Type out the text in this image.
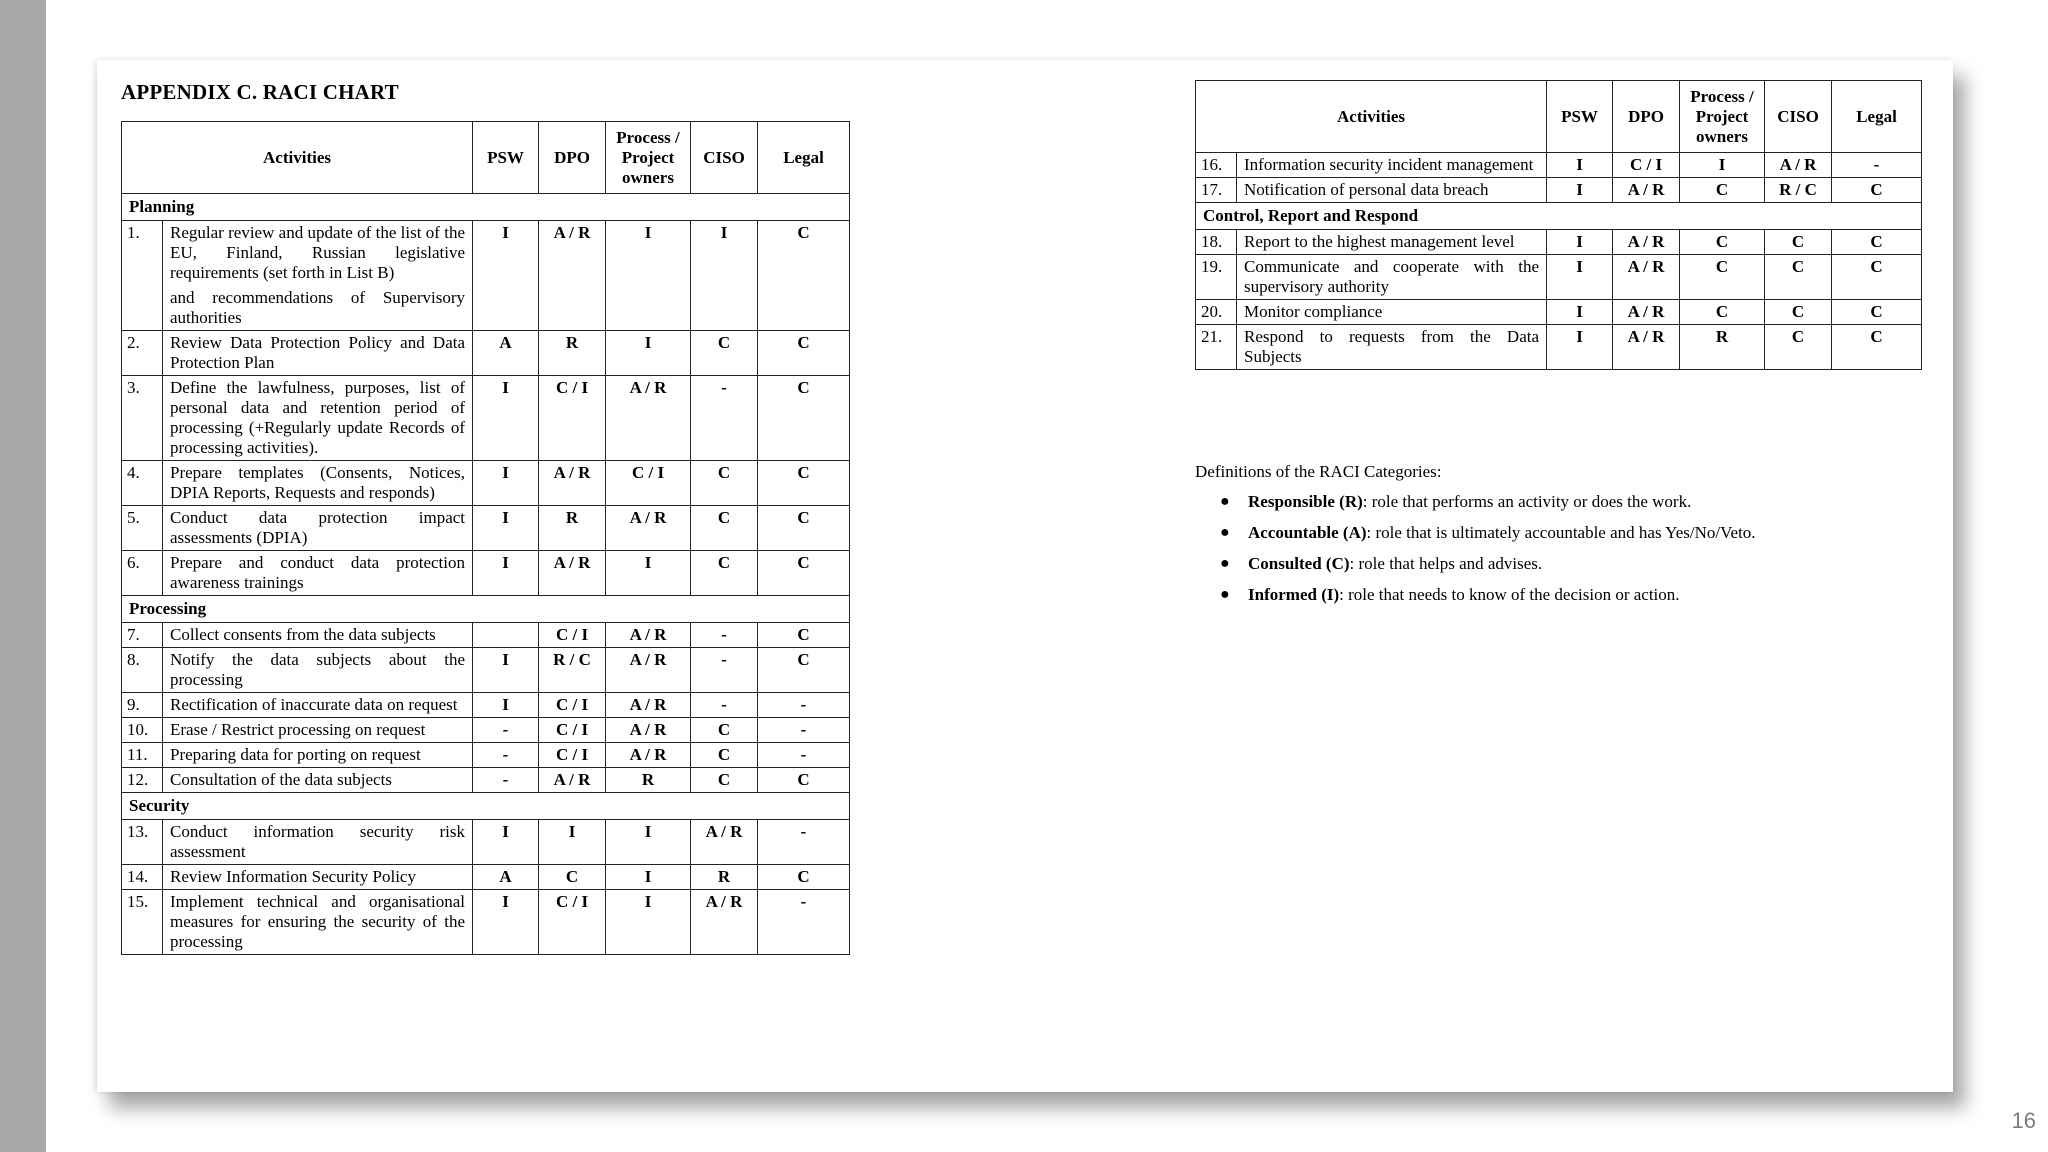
APPENDIX C. RACI CHART
Activities		PSW	DPO	Process / Project owners	CISO	Legal
Planning						
1.	Regular review and update of the list of the EU, Finland, Russian legislative requirements (set forth in List B)
and recommendations of Supervisory authorities	I	A / R	I	I	C
2.	Review Data Protection Policy and Data Protection Plan	A	R	I	C	C
3.	Define the lawfulness, purposes, list of personal data and retention period of processing (+Regularly update Records of processing activities).	I	C / I	A / R	-	C
4.	Prepare templates (Consents, Notices, DPIA Reports, Requests and responds)	I	A / R	C / I	C	C
5.	Conduct data protection impact assessments (DPIA)	I	R	A / R	C	C
6.	Prepare and conduct data protection awareness trainings	I	A / R	I	C	C
Processing						
7.	Collect consents from the data subjects		C / I	A / R	-	C
8.	Notify the data subjects about the processing	I	R / C	A / R	-	C
9.	Rectification of inaccurate data on request	I	C / I	A / R	-	-
10.	Erase / Restrict processing on request	-	C / I	A / R	C	-
11.	Preparing data for porting on request	-	C / I	A / R	C	-
12.	Consultation of the data subjects	-	A / R	R	C	C
Security						
13.	Conduct information security risk assessment	I	I	I	A / R	-
14.	Review Information Security Policy	A	C	I	R	C
15.	Implement technical and organisational measures for ensuring the security of the processing	I	C / I	I	A / R	-
Activities		PSW	DPO	Process / Project owners	CISO	Legal
16.	Information security incident management	I	C / I	I	A / R	-
17.	Notification of personal data breach	I	A / R	C	R / C	C
Control, Report and Respond						
18.	Report to the highest management level	I	A / R	C	C	C
19.	Communicate and cooperate with the supervisory authority	I	A / R	C	C	C
20.	Monitor compliance	I	A / R	C	C	C
21.	Respond to requests from the Data Subjects	I	A / R	R	C	C
Definitions of the RACI Categories:
● Responsible (R): role that performs an activity or does the work.
● Accountable (A): role that is ultimately accountable and has Yes/No/Veto.
● Consulted (C): role that helps and advises.
● Informed (I): role that needs to know of the decision or action.
16
